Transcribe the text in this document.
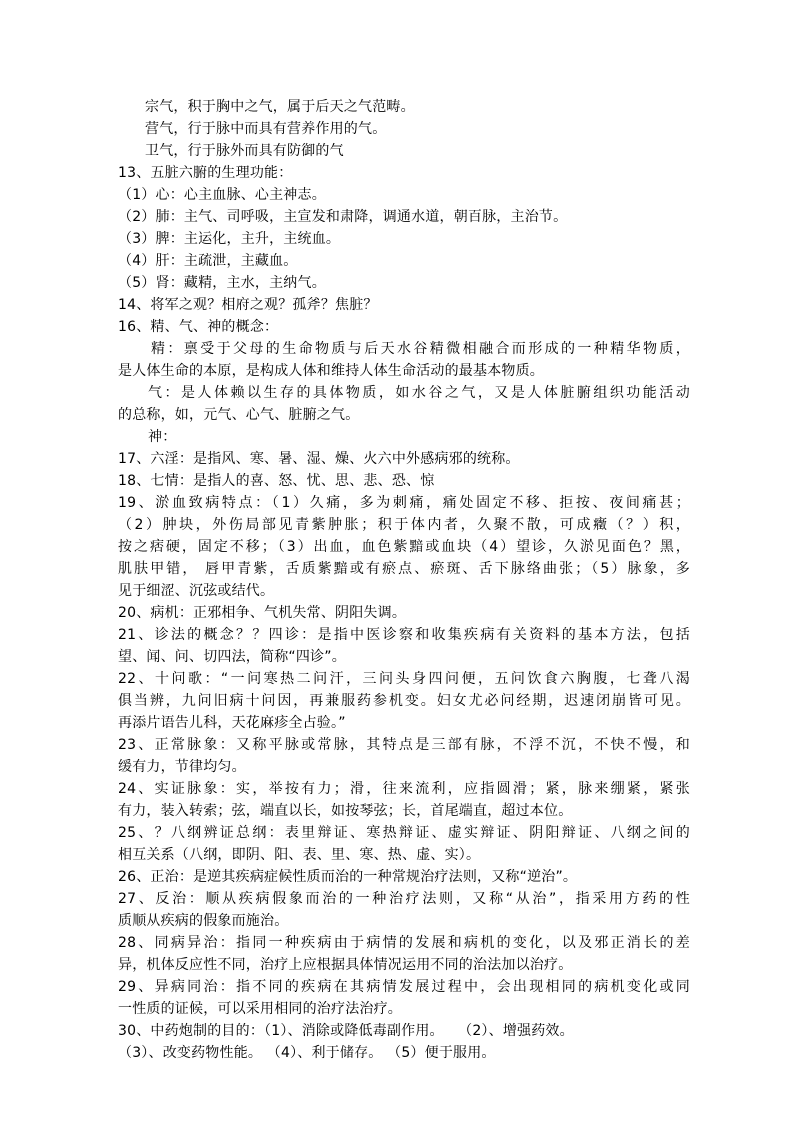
宗气，积于胸中之气，属于后天之气范畴。
营气，行于脉中而具有营养作用的气。
卫气，行于脉外而具有防御的气
13、五脏六腑的生理功能：
（1）心：心主血脉、心主神志。
（2）肺：主气、司呼吸，主宣发和肃降，调通水道，朝百脉，主治节。
（3）脾：主运化，主升，主统血。
（4）肝：主疏泄，主藏血。
（5）肾：藏精，主水，主纳气。
14、将军之观？相府之观？孤斧？焦脏？
16、精、气、神的概念：
精：禀受于父母的生命物质与后天水谷精微相融合而形成的一种精华物质，
是人体生命的本原，是构成人体和维持人体生命活动的最基本物质。
气：是人体赖以生存的具体物质，如水谷之气，又是人体脏腑组织功能活动
的总称，如，元气、心气、脏腑之气。
神：
17、六淫：是指风、寒、暑、湿、燥、火六中外感病邪的统称。
18、七情：是指人的喜、怒、忧、思、悲、恐、惊
19、淤血致病特点：（1）久痛，多为刺痛，痛处固定不移、拒按、夜间痛甚；
（2）肿块，外伤局部见青紫肿胀；积于体内者，久聚不散，可成癥（？）积，
按之痞硬，固定不移；（3）出血，血色紫黯或血块（4）望诊，久淤见面色？黑，
肌肤甲错， 唇甲青紫，舌质紫黯或有瘀点、瘀斑、舌下脉络曲张；（5）脉象，多
见于细涩、沉弦或结代。
20、病机：正邪相争、气机失常、阴阳失调。
21、诊法的概念？？四诊：是指中医诊察和收集疾病有关资料的基本方法，包括
望、闻、问、切四法，简称“四诊”。
22、十问歌：“一问寒热二问汗，三问头身四问便，五问饮食六胸腹，七聋八渴
俱当辨，九问旧病十问因，再兼服药参机变。妇女尤必问经期，迟速闭崩皆可见。
再添片语告儿科，天花麻疹全占验。”
23、正常脉象：又称平脉或常脉，其特点是三部有脉，不浮不沉，不快不慢，和
缓有力，节律均匀。
24、实证脉象：实，举按有力；滑，往来流利，应指圆滑；紧，脉来绷紧，紧张
有力，装入转索；弦，端直以长，如按琴弦；长，首尾端直，超过本位。
25、？八纲辨证总纲：表里辩证、寒热辩证、虚实辩证、阴阳辩证、八纲之间的
相互关系（八纲，即阴、阳、表、里、寒、热、虚、实）。
26、正治：是逆其疾病症候性质而治的一种常规治疗法则，又称“逆治”。
27、反治：顺从疾病假象而治的一种治疗法则，又称“从治”，指采用方药的性
质顺从疾病的假象而施治。
28、同病异治：指同一种疾病由于病情的发展和病机的变化，以及邪正消长的差
异，机体反应性不同，治疗上应根据具体情况运用不同的治法加以治疗。
29、异病同治：指不同的疾病在其病情发展过程中，会出现相同的病机变化或同
一性质的证候，可以采用相同的治疗法治疗。
30、中药炮制的目的：（1）、消除或降低毒副作用。　　（2）、增强药效。
（3）、改变药物性能。 （4）、利于储存。 （5）便于服用。
